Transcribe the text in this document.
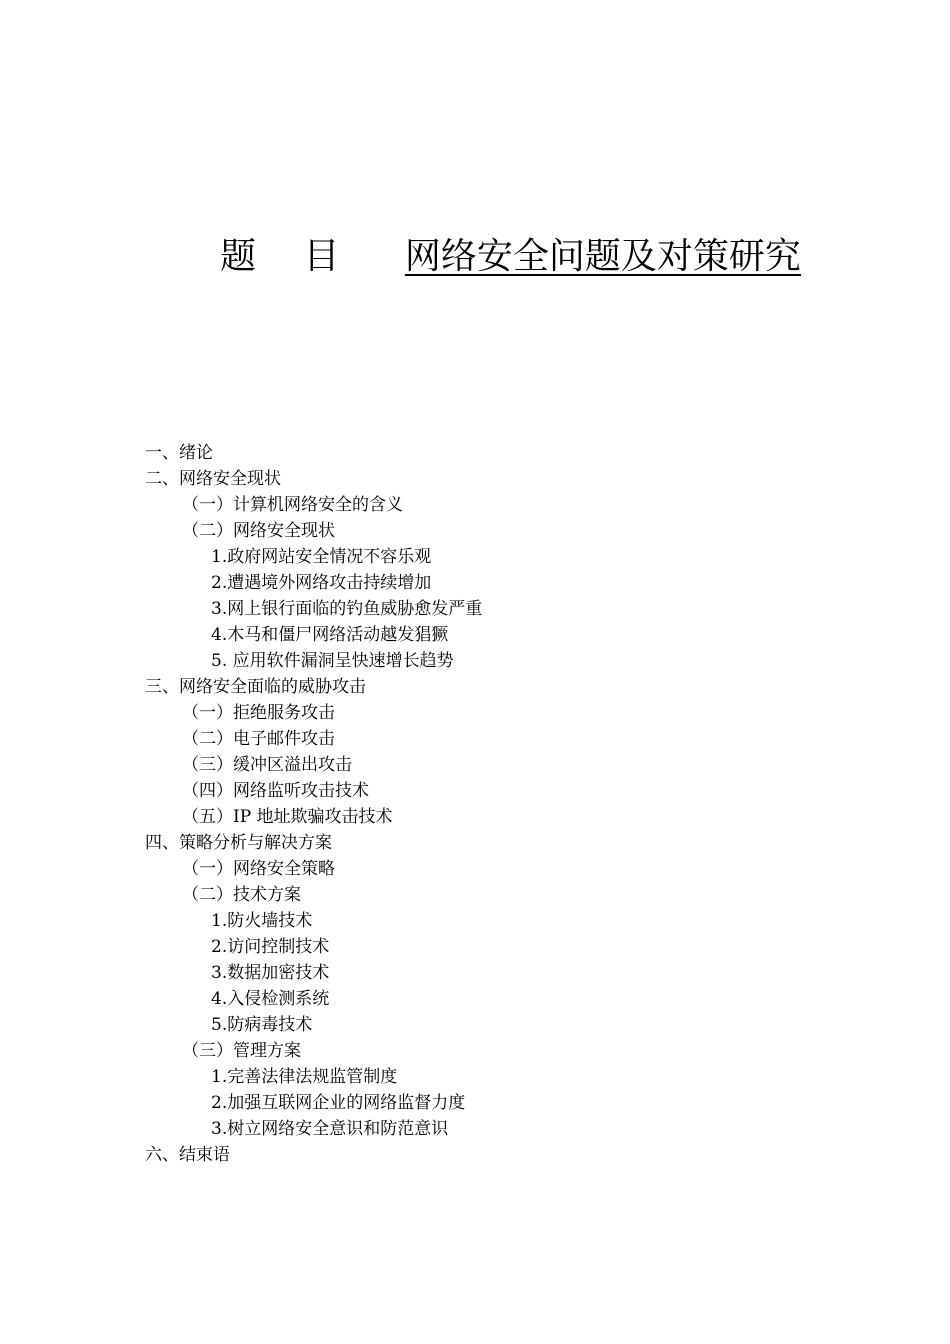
题 目 网络安全问题及对策研究
一、绪论
二、网络安全现状
（一）计算机网络安全的含义
（二）网络安全现状
1.政府网站安全情况不容乐观
2.遭遇境外网络攻击持续增加
3.网上银行面临的钓鱼威胁愈发严重
4.木马和僵尸网络活动越发猖獗
5. 应用软件漏洞呈快速增长趋势
三、网络安全面临的威胁攻击
（一）拒绝服务攻击
（二）电子邮件攻击
（三）缓冲区溢出攻击
（四）网络监听攻击技术
（五）IP 地址欺骗攻击技术
四、策略分析与解决方案
（一）网络安全策略
（二）技术方案
1.防火墙技术
2.访问控制技术
3.数据加密技术
4.入侵检测系统
5.防病毒技术
（三）管理方案
1.完善法律法规监管制度
2.加强互联网企业的网络监督力度
3.树立网络安全意识和防范意识
六、结束语
